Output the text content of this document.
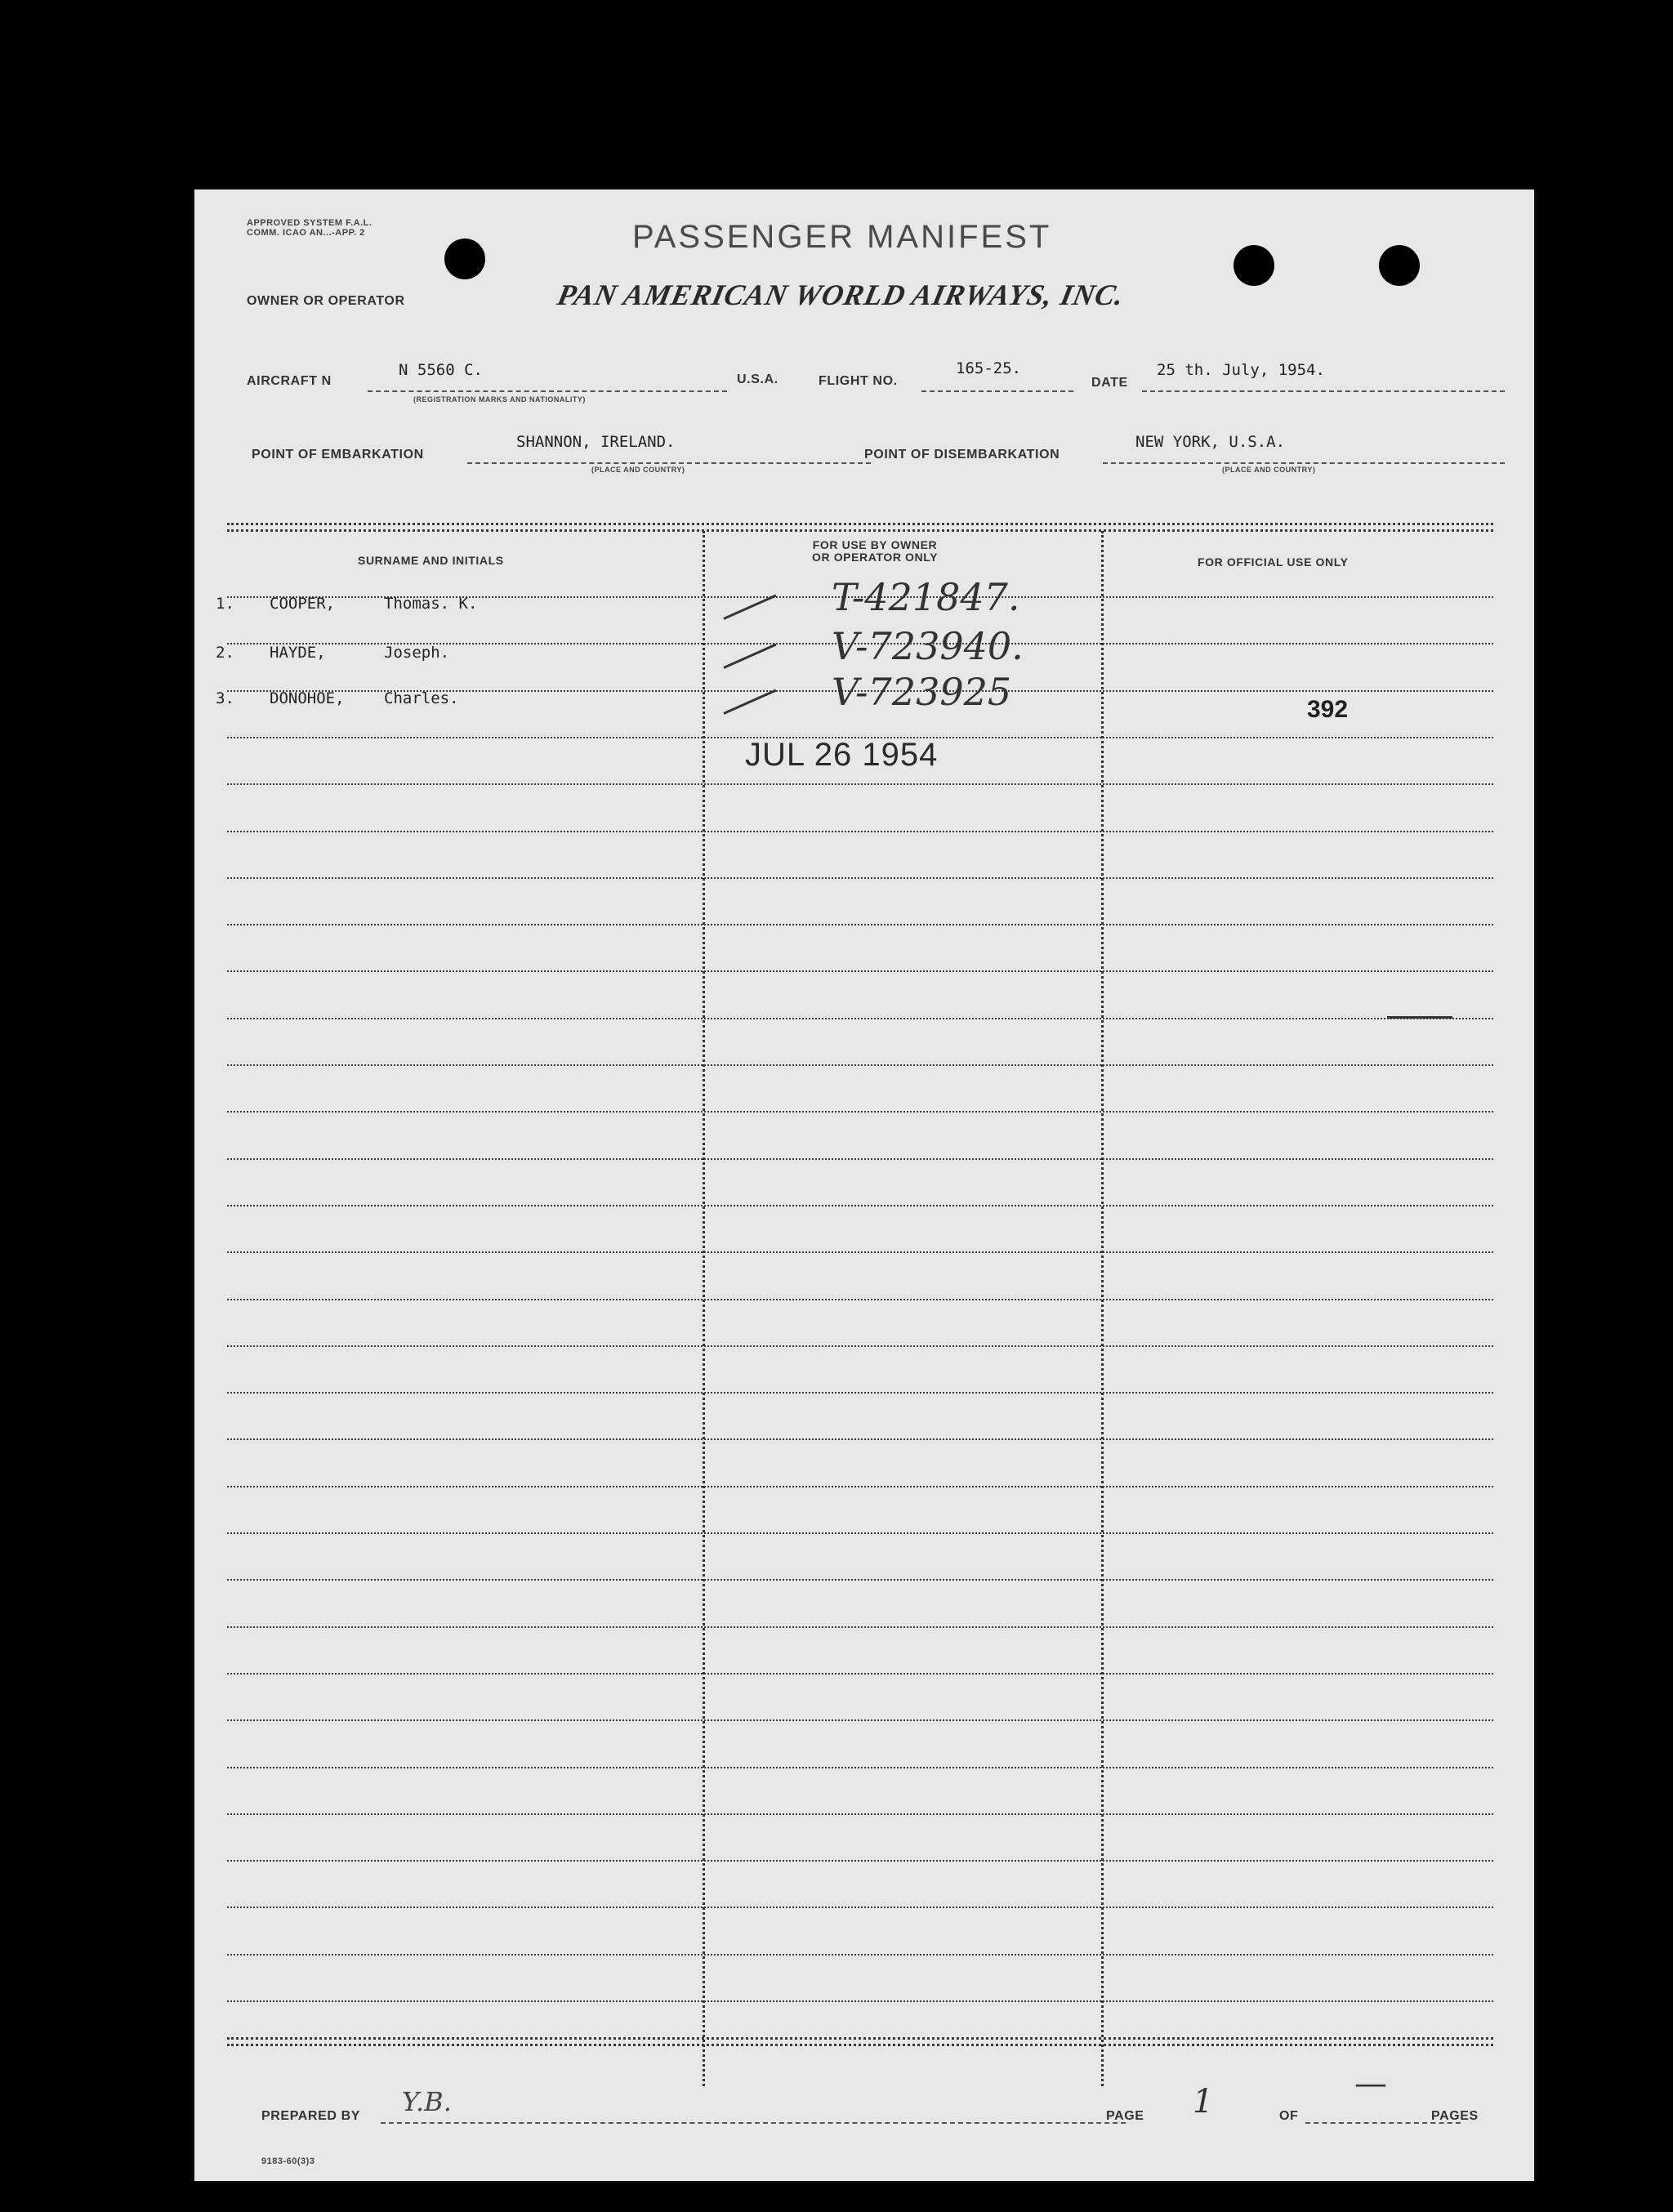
APPROVED SYSTEM F.A.L. COMM. ICAO AN...-APP. 2	PASSENGER MANIFEST
OWNER OR OPERATOR	PAN AMERICAN WORLD AIRWAYS, INC.
AIRCRAFT N
N 5560 C.
(REGISTRATION MARKS AND NATIONALITY)
U.S.A.	FLIGHT NO.
165-25.
DATE
25 th. July, 1954.
POINT OF EMBARKATION
SHANNON, IRELAND.
(PLACE AND COUNTRY)
POINT OF DISEMBARKATION
NEW YORK, U.S.A.
(PLACE AND COUNTRY)
SURNAME AND INITIALS
FOR USE BY OWNER
OR OPERATOR ONLY	FOR OFFICIAL USE ONLY
1. COOPER,	Thomas. K.	T-421847.
2. HAYDE,	Joseph.	V-723940.
3. DONOHOE,	Charles.	V-723925
JUL 26 1954
392
PREPARED BY Y.B.	PAGE 1	OF
—
PAGES
9183-60(3)3
